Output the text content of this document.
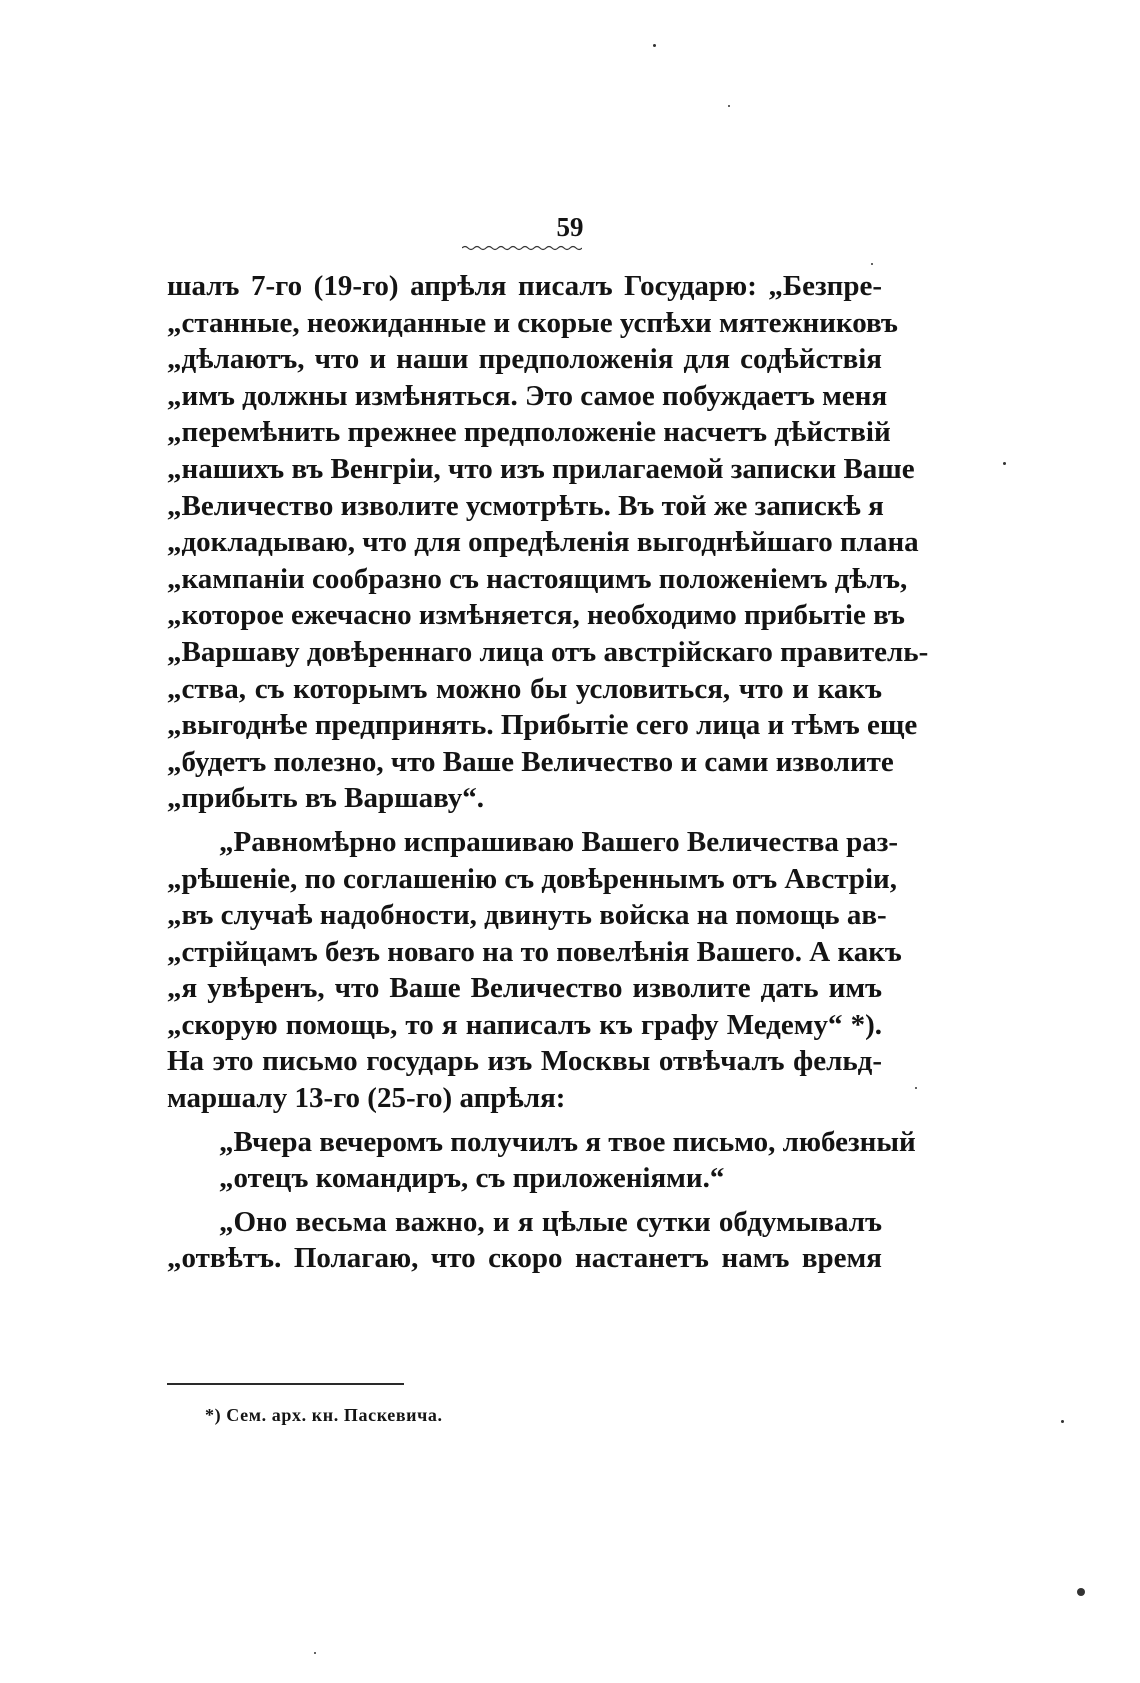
59
шалъ 7-го (19-го) апрѣля писалъ Государю: „Безпре-
„станные, неожиданные и скорые успѣхи мятежниковъ
„дѣлаютъ, что и наши предположенія для содѣйствія
„имъ должны измѣняться. Это самое побуждаетъ меня
„перемѣнить прежнее предположеніе насчетъ дѣйствій
„нашихъ въ Венгріи, что изъ прилагаемой записки Ваше
„Величество изволите усмотрѣть. Въ той же запискѣ я
„докладываю, что для опредѣленія выгоднѣйшаго плана
„кампаніи сообразно съ настоящимъ положеніемъ дѣлъ,
„которое ежечасно измѣняется, необходимо прибытіе въ
„Варшаву довѣреннаго лица отъ австрійскаго правитель-
„ства, съ которымъ можно бы условиться, что и какъ
„выгоднѣе предпринять. Прибытіе сего лица и тѣмъ еще
„будетъ полезно, что Ваше Величество и сами изволите
„прибыть въ Варшаву“.
„Равномѣрно испрашиваю Вашего Величества раз-
„рѣшеніе, по соглашенію съ довѣреннымъ отъ Австріи,
„въ случаѣ надобности, двинуть войска на помощь ав-
„стрійцамъ безъ новаго на то повелѣнія Вашего. А какъ
„я увѣренъ, что Ваше Величество изволите дать имъ
„скорую помощь, то я написалъ къ графу Медему“ *).
На это письмо государь изъ Москвы отвѣчалъ фельд-
маршалу 13-го (25-го) апрѣля:
„Вчера вечеромъ получилъ я твое письмо, любезный
„отецъ командиръ, съ приложеніями.“
„Оно весьма важно, и я цѣлые сутки обдумывалъ
„отвѣтъ. Полагаю, что скоро настанетъ намъ время
*) Сем. арх. кн. Паскевича.
